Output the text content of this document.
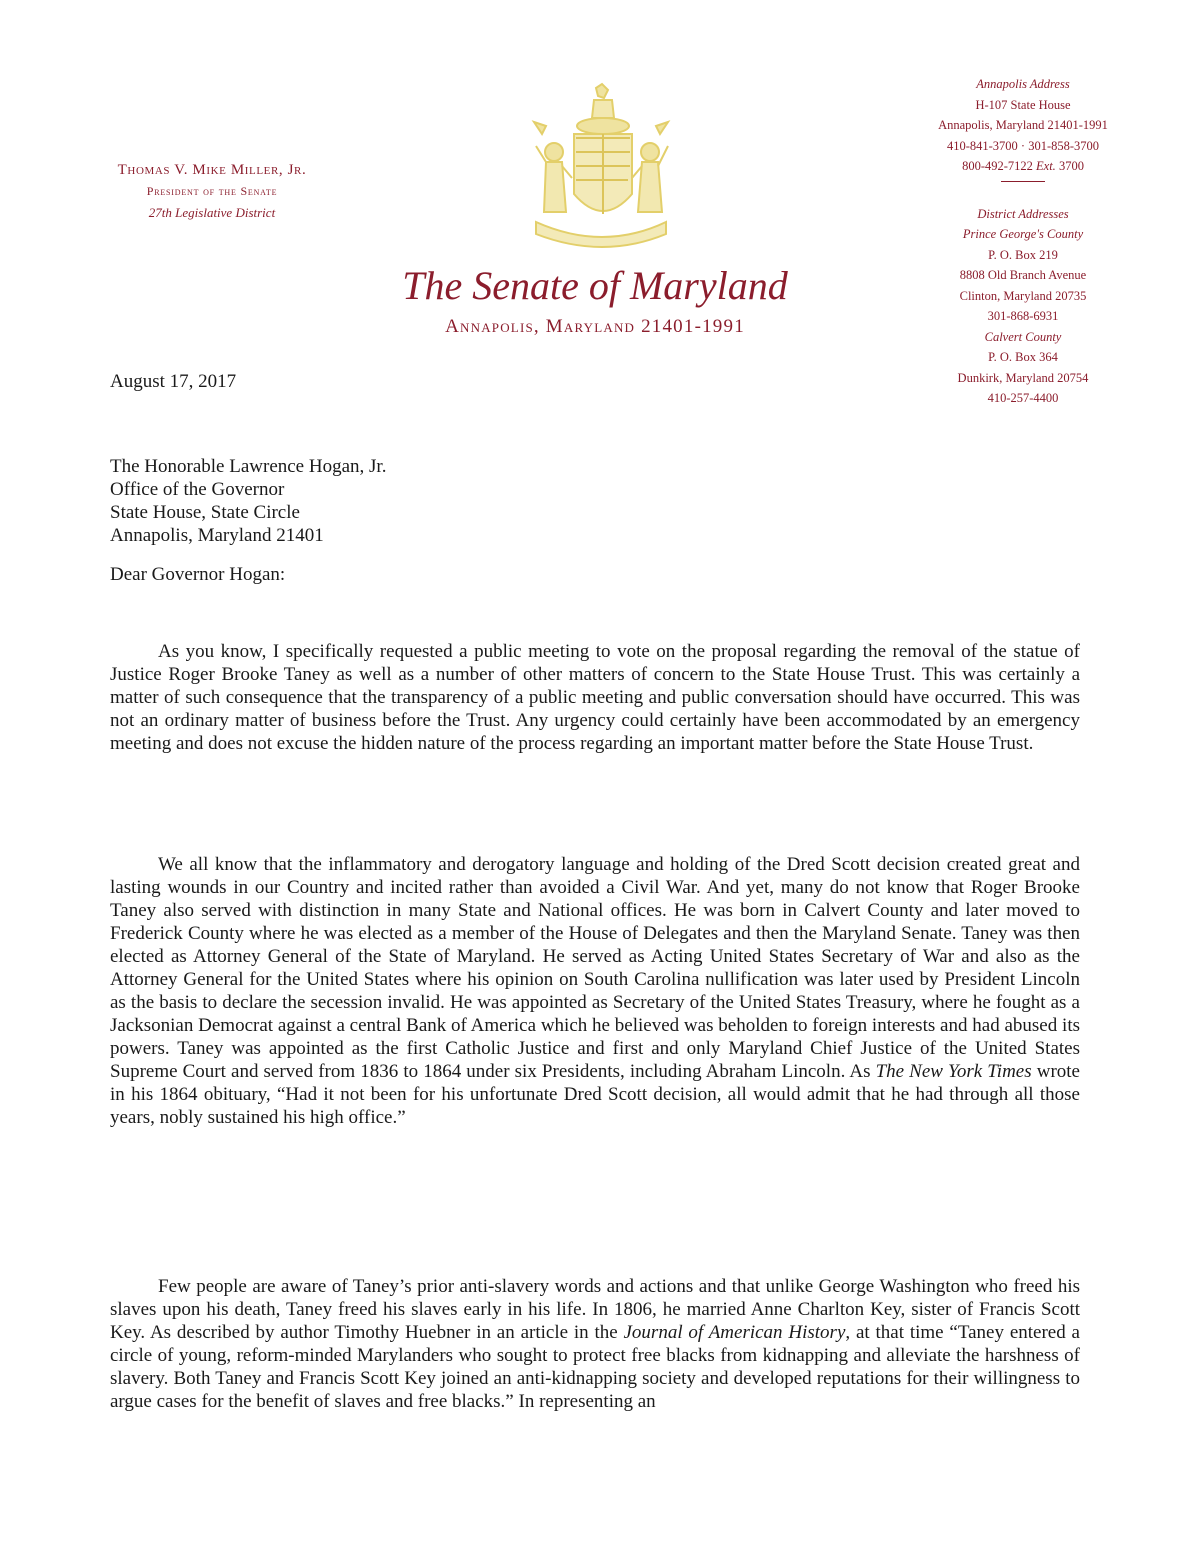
Thomas V. Mike Miller, Jr.
President of the Senate
27th Legislative District
The Senate of Maryland
Annapolis, Maryland 21401-1991
Annapolis Address
H-107 State House
Annapolis, Maryland 21401-1991
410-841-3700 · 301-858-3700
800-492-7122 Ext. 3700
District Addresses
Prince George's County
P. O. Box 219
8808 Old Branch Avenue
Clinton, Maryland 20735
301-868-6931
Calvert County
P. O. Box 364
Dunkirk, Maryland 20754
410-257-4400
August 17, 2017
The Honorable Lawrence Hogan, Jr.
Office of the Governor
State House, State Circle
Annapolis, Maryland 21401
Dear Governor Hogan:

As you know, I specifically requested a public meeting to vote on the proposal regarding the removal of the statue of Justice Roger Brooke Taney as well as a number of other matters of concern to the State House Trust. This was certainly a matter of such consequence that the transparency of a public meeting and public conversation should have occurred. This was not an ordinary matter of business before the Trust. Any urgency could certainly have been accommodated by an emergency meeting and does not excuse the hidden nature of the process regarding an important matter before the State House Trust.

We all know that the inflammatory and derogatory language and holding of the Dred Scott decision created great and lasting wounds in our Country and incited rather than avoided a Civil War. And yet, many do not know that Roger Brooke Taney also served with distinction in many State and National offices. He was born in Calvert County and later moved to Frederick County where he was elected as a member of the House of Delegates and then the Maryland Senate. Taney was then elected as Attorney General of the State of Maryland. He served as Acting United States Secretary of War and also as the Attorney General for the United States where his opinion on South Carolina nullification was later used by President Lincoln as the basis to declare the secession invalid. He was appointed as Secretary of the United States Treasury, where he fought as a Jacksonian Democrat against a central Bank of America which he believed was beholden to foreign interests and had abused its powers. Taney was appointed as the first Catholic Justice and first and only Maryland Chief Justice of the United States Supreme Court and served from 1836 to 1864 under six Presidents, including Abraham Lincoln. As The New York Times wrote in his 1864 obituary, “Had it not been for his unfortunate Dred Scott decision, all would admit that he had through all those years, nobly sustained his high office.”

Few people are aware of Taney’s prior anti-slavery words and actions and that unlike George Washington who freed his slaves upon his death, Taney freed his slaves early in his life. In 1806, he married Anne Charlton Key, sister of Francis Scott Key. As described by author Timothy Huebner in an article in the Journal of American History, at that time “Taney entered a circle of young, reform-minded Marylanders who sought to protect free blacks from kidnapping and alleviate the harshness of slavery. Both Taney and Francis Scott Key joined an anti-kidnapping society and developed reputations for their willingness to argue cases for the benefit of slaves and free blacks.” In representing an
